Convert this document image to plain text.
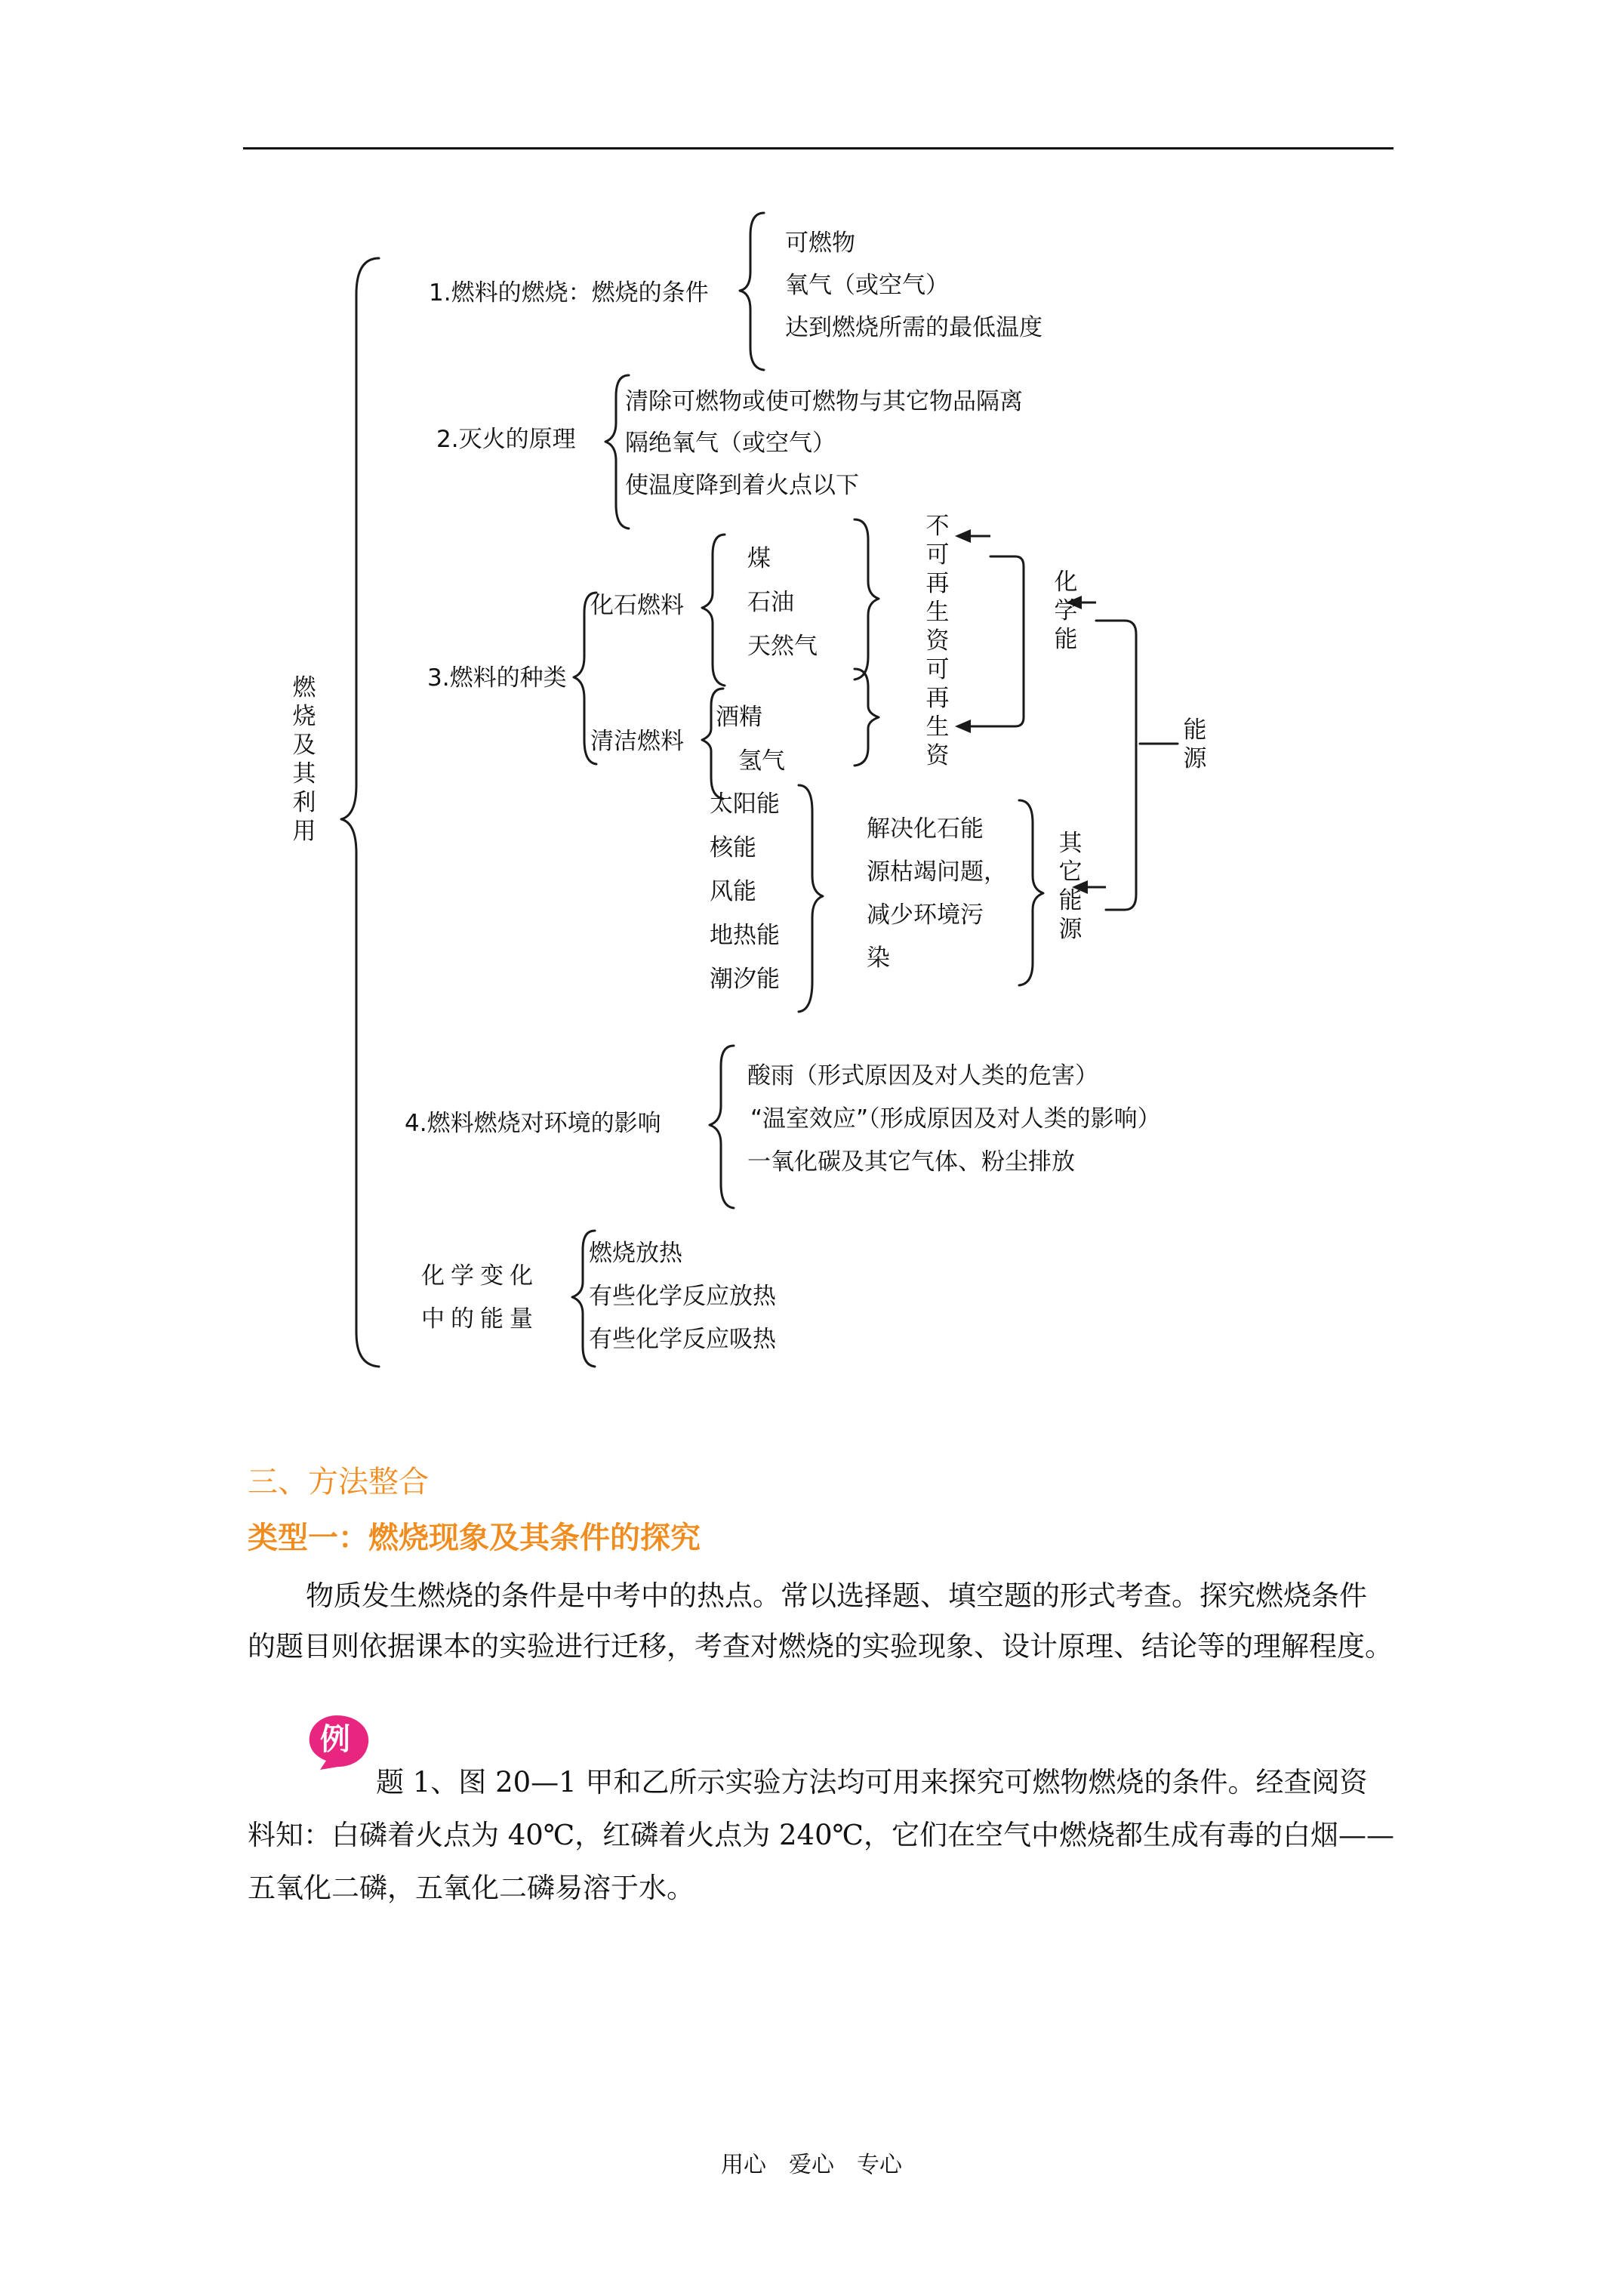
燃烧及其利用
1.燃料的燃烧：燃烧的条件
可燃物
氧气（或空气）
达到燃烧所需的最低温度
2.灭火的原理
清除可燃物或使可燃物与其它物品隔离
隔绝氧气（或空气）
使温度降到着火点以下
3.燃料的种类
化石燃料
清洁燃料
煤
石油
天然气
酒精
氢气
太阳能
核能
风能
地热能
潮汐能
不可再生资
可再生资
化学能
其它能源
能源
解决化石能
源枯竭问题，
减少环境污
染
4.燃料燃烧对环境的影响
酸雨（形式原因及对人类的危害）
“温室效应”（形成原因及对人类的影响）
一氧化碳及其它气体、粉尘排放
化学变化
中的能量
燃烧放热
有些化学反应放热
有些化学反应吸热
三、方法整合
类型一：燃烧现象及其条件的探究
物质发生燃烧的条件是中考中的热点。常以选择题、填空题的形式考查。探究燃烧条件
的题目则依据课本的实验进行迁移，考查对燃烧的实验现象、设计原理、结论等的理解程度。
例
题 1、图 20—1 甲和乙所示实验方法均可用来探究可燃物燃烧的条件。经查阅资
料知：白磷着火点为 40℃，红磷着火点为 240℃，它们在空气中燃烧都生成有毒的白烟——
五氧化二磷，五氧化二磷易溶于水。
用心　爱心　专心
